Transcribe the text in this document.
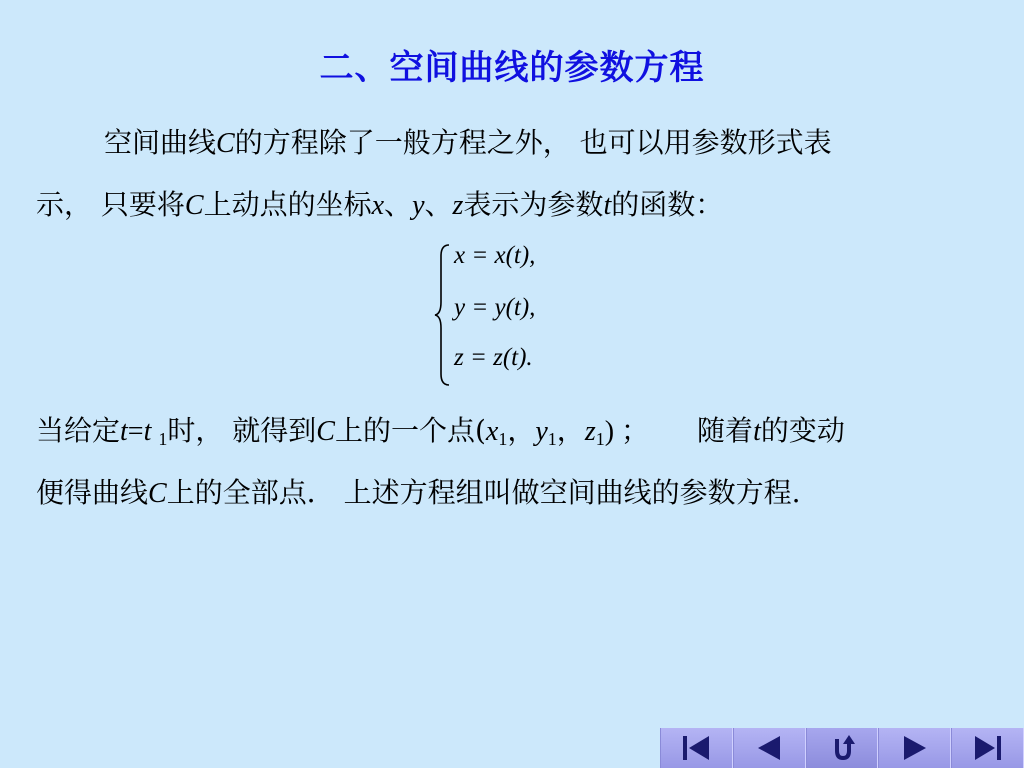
二、空间曲线的参数方程
空间曲线C的方程除了一般方程之外， 也可以用参数形式表
示， 只要将C上动点的坐标x、y、z表示为参数t的函数：
x = x(t),
y = y(t),
z = z(t).
当给定t=t $_1$时， 就得到C上的一个点($x_1$，$y_1$，$z_1$) ； 随着t的变动
便得曲线C上的全部点． 上述方程组叫做空间曲线的参数方程.
